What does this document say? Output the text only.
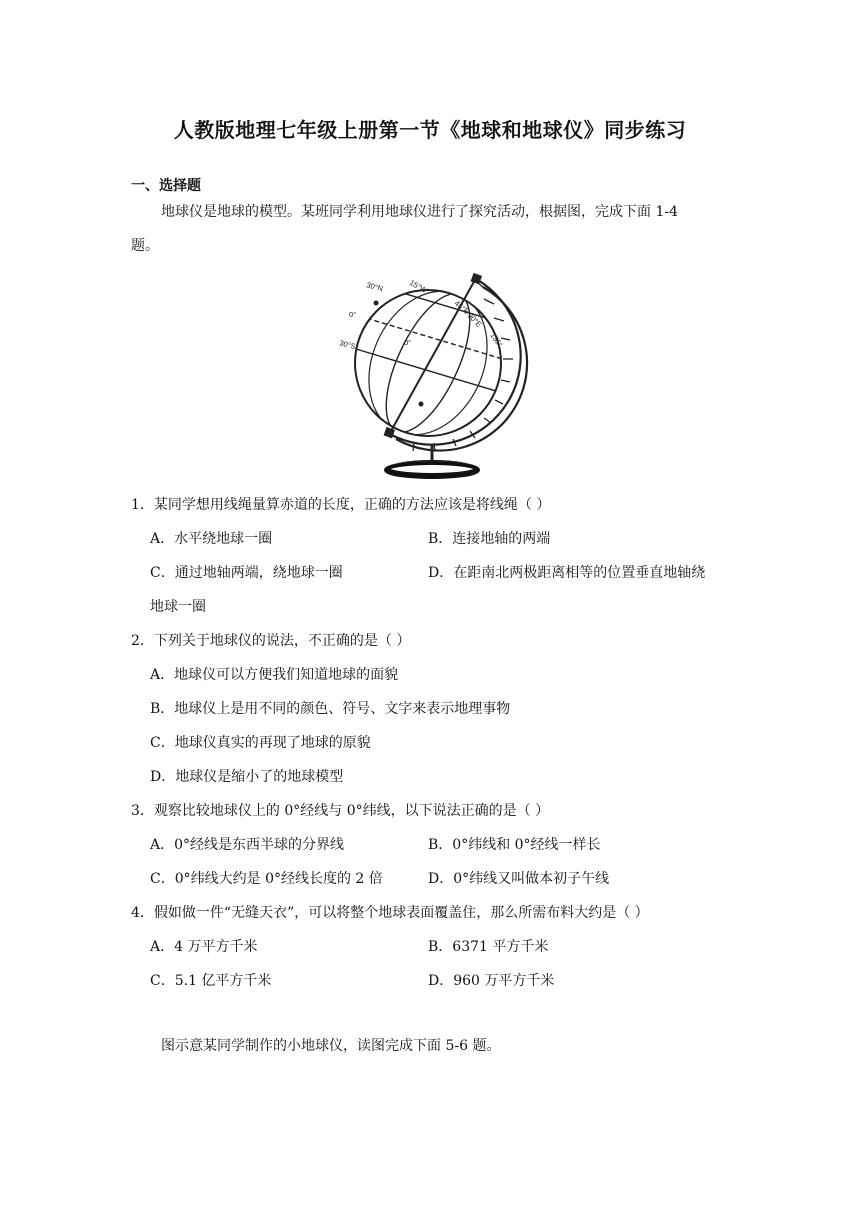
人教版地理七年级上册第一节《地球和地球仪》同步练习
一、选择题
地球仪是地球的模型。某班同学利用地球仪进行了探究活动，根据图，完成下面 1-4
题。
30°N
0°
30°S	0°
15°W
45°E
90°E
135°
1．某同学想用线绳量算赤道的长度，正确的方法应该是将线绳（ ）
A．水平绕地球一圈	B．连接地轴的两端
C．通过地轴两端，绕地球一圈	D．在距南北两极距离相等的位置垂直地轴绕
地球一圈
2．下列关于地球仪的说法，不正确的是（ ）
A．地球仪可以方便我们知道地球的面貌
B．地球仪上是用不同的颜色、符号、文字来表示地理事物
C．地球仪真实的再现了地球的原貌
D．地球仪是缩小了的地球模型
3．观察比较地球仪上的 0°经线与 0°纬线，以下说法正确的是（ ）
A．0°经线是东西半球的分界线	B．0°纬线和 0°经线一样长
C．0°纬线大约是 0°经线长度的 2 倍	D．0°纬线又叫做本初子午线
4．假如做一件“无缝天衣”，可以将整个地球表面覆盖住，那么所需布料大约是（ ）
A．4 万平方千米	B．6371 平方千米
C．5.1 亿平方千米	D．960 万平方千米
图示意某同学制作的小地球仪，读图完成下面 5-6 题。
